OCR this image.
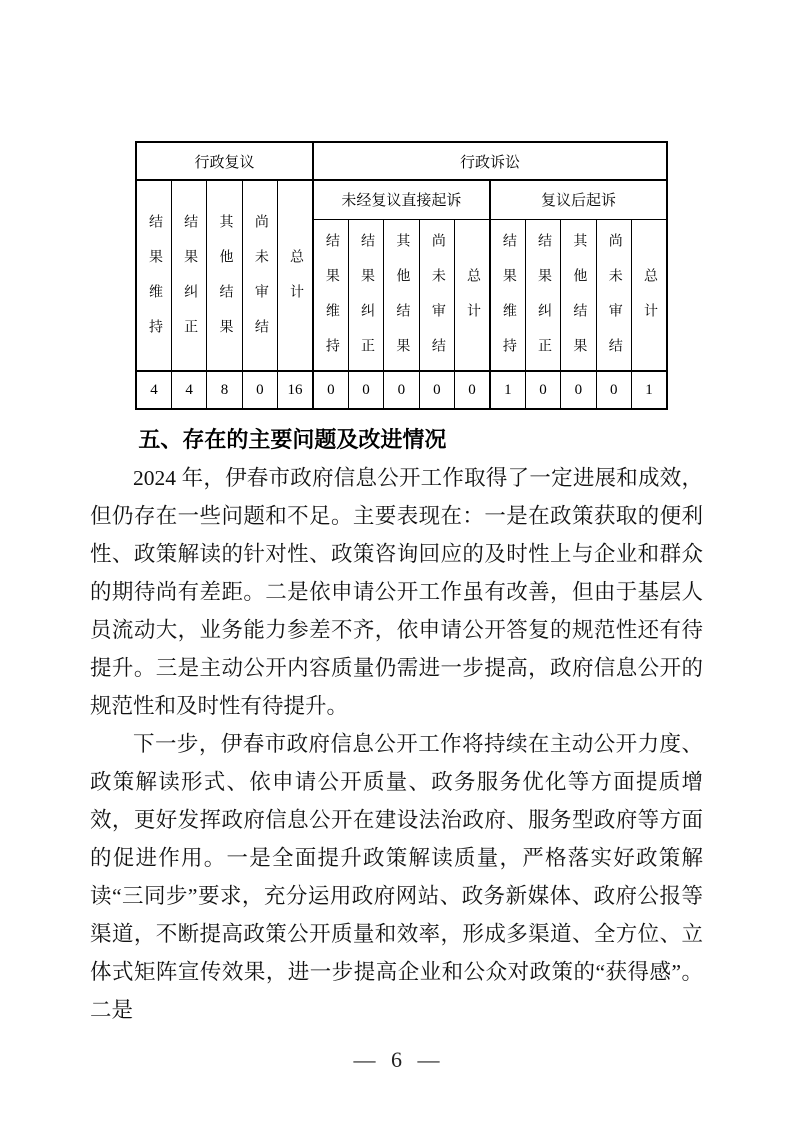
行政复议					行政诉讼									
结果维持	结果纠正	其他结果	尚未审结	总计	未经复议直接起诉					复议后起诉				
					结果维持	结果纠正	其他结果	尚未审结	总计	结果维持	结果纠正	其他结果	尚未审结	总计
4	4	8	0	16	0	0	0	0	0	1	0	0	0	1
五、存在的主要问题及改进情况

2024 年，伊春市政府信息公开工作取得了一定进展和成效，但仍存在一些问题和不足。主要表现在：一是在政策获取的便利性、政策解读的针对性、政策咨询回应的及时性上与企业和群众的期待尚有差距。二是依申请公开工作虽有改善，但由于基层人员流动大，业务能力参差不齐，依申请公开答复的规范性还有待提升。三是主动公开内容质量仍需进一步提高，政府信息公开的规范性和及时性有待提升。

下一步，伊春市政府信息公开工作将持续在主动公开力度、政策解读形式、依申请公开质量、政务服务优化等方面提质增效，更好发挥政府信息公开在建设法治政府、服务型政府等方面的促进作用。一是全面提升政策解读质量，严格落实好政策解读“三同步”要求，充分运用政府网站、政务新媒体、政府公报等渠道，不断提高政策公开质量和效率，形成多渠道、全方位、立体式矩阵宣传效果，进一步提高企业和公众对政策的“获得感”。二是

— 6 —
